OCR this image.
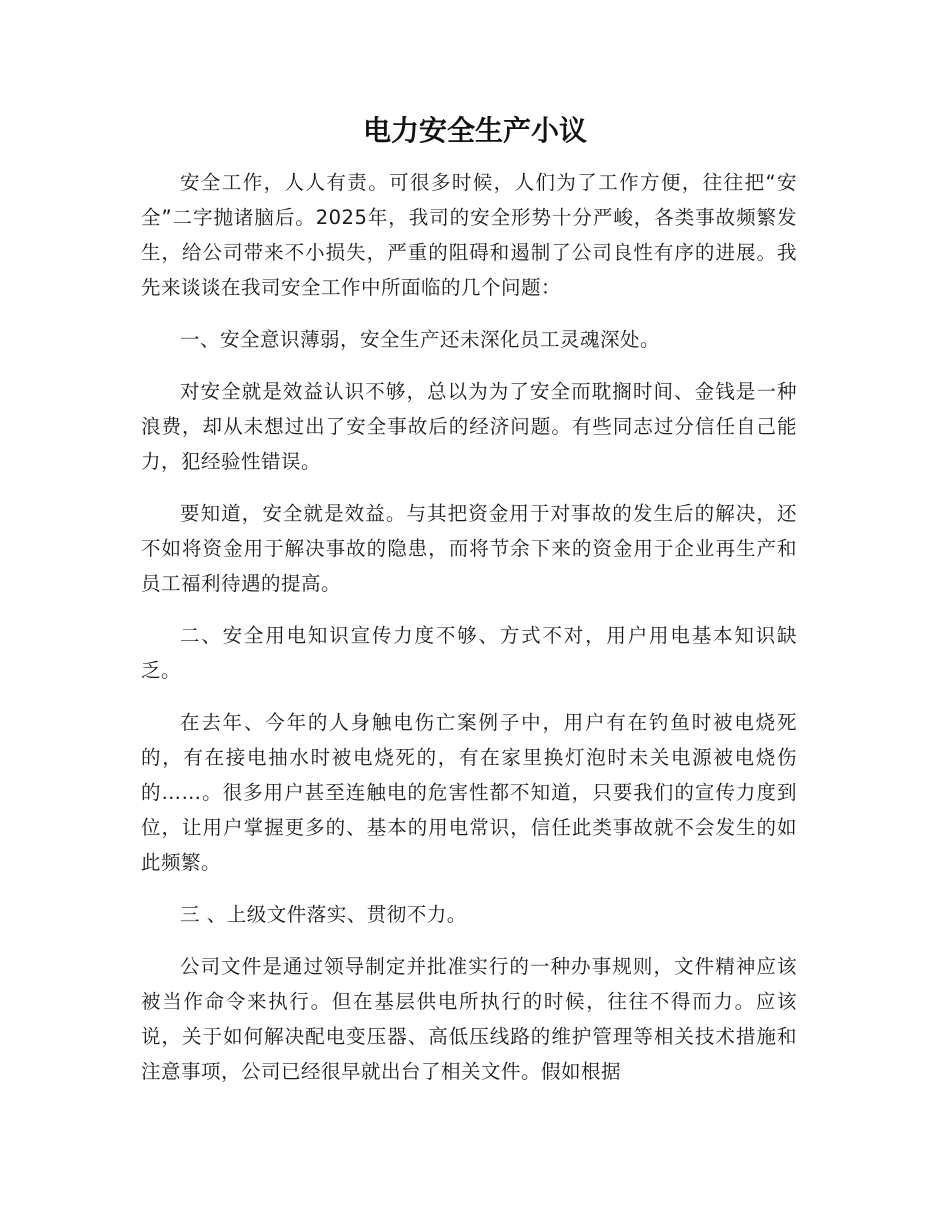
电力安全生产小议

安全工作，人人有责。可很多时候，人们为了工作方便，往往把“安全”二字抛诸脑后。2025年，我司的安全形势十分严峻，各类事故频繁发生，给公司带来不小损失，严重的阻碍和遏制了公司良性有序的进展。我先来谈谈在我司安全工作中所面临的几个问题：

一、安全意识薄弱，安全生产还未深化员工灵魂深处。

对安全就是效益认识不够，总以为为了安全而耽搁时间、金钱是一种浪费，却从未想过出了安全事故后的经济问题。有些同志过分信任自己能力，犯经验性错误。

要知道，安全就是效益。与其把资金用于对事故的发生后的解决，还不如将资金用于解决事故的隐患，而将节余下来的资金用于企业再生产和员工福利待遇的提高。

二、安全用电知识宣传力度不够、方式不对，用户用电基本知识缺乏。

在去年、今年的人身触电伤亡案例子中，用户有在钓鱼时被电烧死的，有在接电抽水时被电烧死的，有在家里换灯泡时未关电源被电烧伤的……。很多用户甚至连触电的危害性都不知道，只要我们的宣传力度到位，让用户掌握更多的、基本的用电常识，信任此类事故就不会发生的如此频繁。

三 、上级文件落实、贯彻不力。

公司文件是通过领导制定并批准实行的一种办事规则，文件精神应该被当作命令来执行。但在基层供电所执行的时候，往往不得而力。应该说，关于如何解决配电变压器、高低压线路的维护管理等相关技术措施和注意事项，公司已经很早就出台了相关文件。假如根据
